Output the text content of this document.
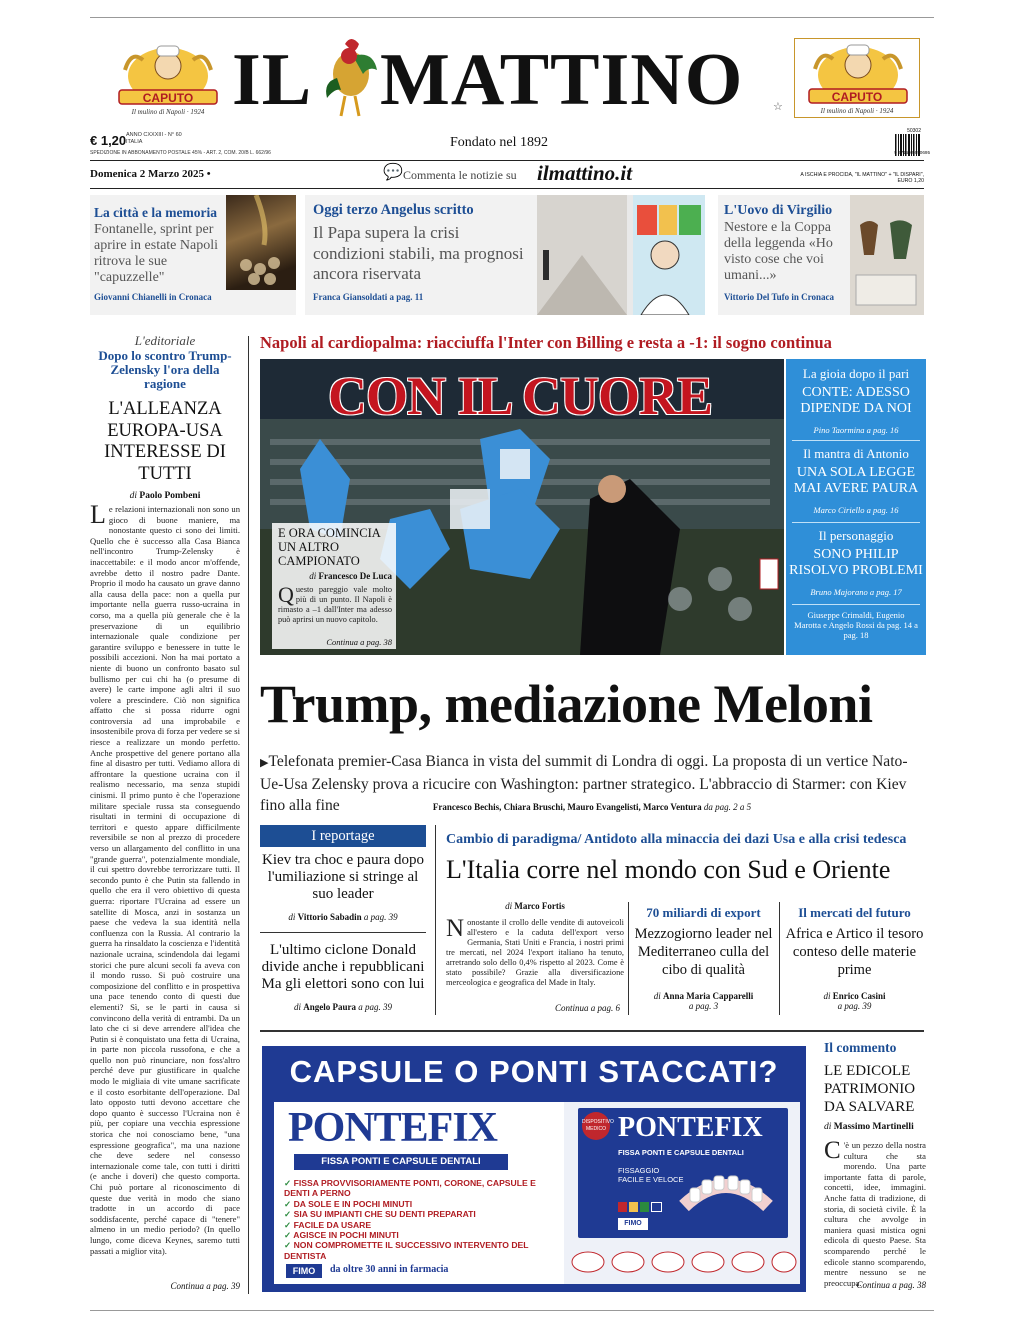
CAPUTO
Il mulino di Napoli · 1924 IL MATTINO	☆
CAPUTO
Il mulino di Napoli · 1924
€ 1,20 ANNO CXXXIII - N° 60
ITALIA
SPEDIZIONE IN ABBONAMENTO POSTALE 45% - ART. 2, COM. 20/B L. 662/96
Fondato nel 1892
50302
9 771592 690695
Domenica 2 Marzo 2025 •	💬 Commenta le notizie su ilmattino.it	A ISCHIA E PROCIDA, "IL MATTINO" + "IL DISPARI", EURO 1,20
La città e la memoria
Fontanelle, sprint per aprire in estate Napoli ritrova le sue "capuzzelle"
Giovanni Chianelli in Cronaca
Oggi terzo Angelus scritto
Il Papa supera la crisi condizioni stabili, ma prognosi ancora riservata
Franca Giansoldati a pag. 11
L'Uovo di Virgilio
Nestore e la Coppa della leggenda «Ho visto cose che voi umani...»
Vittorio Del Tufo in Cronaca
L'editoriale
Dopo lo scontro Trump-Zelensky l'ora della ragione
L'ALLEANZA EUROPA-USA INTERESSE DI TUTTI
di Paolo Pombeni
Le relazioni internazionali non sono un gioco di buone maniere, ma nonostante questo ci sono dei limiti. Quello che è successo alla Casa Bianca nell'incontro Trump-Zelensky è inaccettabile: e il modo ancor m'offende, avrebbe detto il nostro padre Dante. Proprio il modo ha causato un grave danno alla causa della pace: non a quella pur importante nella guerra russo-ucraina in corso, ma a quella più generale che è la preservazione di un equilibrio internazionale quale condizione per garantire sviluppo e benessere in tutte le possibili accezioni. Non ha mai portato a niente di buono un confronto basato sul bullismo per cui chi ha (o presume di avere) le carte impone agli altri il suo volere a prescindere. Ciò non significa affatto che si possa ridurre ogni controversia ad una improbabile e insostenibile prova di forza per vedere se si riesce a realizzare un mondo perfetto. Anche prospettive del genere portano alla fine al disastro per tutti. Vediamo allora di affrontare la questione ucraina con il realismo necessario, ma senza stupidi cinismi. Il primo punto è che l'operazione militare speciale russa sta conseguendo risultati in termini di occupazione di territori e questo appare difficilmente reversibile se non al prezzo di procedere verso un allargamento del conflitto in una "grande guerra", potenzialmente mondiale, il cui spettro dovrebbe terrorizzare tutti. Il secondo punto è che Putin sta fallendo in quello che era il vero obiettivo di questa guerra: riportare l'Ucraina ad essere un satellite di Mosca, anzi in sostanza un paese che vedeva la sua identità nella confluenza con la Russia. Al contrario la guerra ha rinsaldato la coscienza e l'identità nazionale ucraina, scindendola dai legami storici che pure alcuni secoli fa aveva con il mondo russo. Si può costruire una composizione del conflitto e in prospettiva una pace tenendo conto di questi due elementi? Sì, se le parti in causa si convincono della verità di entrambi. Da un lato che ci si deve arrendere all'idea che Putin si è conquistato una fetta di Ucraina, in parte non piccola russofona, e che a quello non può rinunciare, non foss'altro perché deve pur giustificare in qualche modo le migliaia di vite umane sacrificate e il costo esorbitante dell'operazione. Dal lato opposto tutti devono accettare che dopo quanto è successo l'Ucraina non è più, per copiare una vecchia espressione storica che noi conosciamo bene, "una espressione geografica", ma una nazione che deve sedere nel consesso internazionale come tale, con tutti i diritti (e anche i doveri) che questo comporta. Chi può portare al riconoscimento di queste due verità in modo che siano tradotte in un accordo di pace soddisfacente, perché capace di "tenere" almeno in un medio periodo? (In quello lungo, come diceva Keynes, saremo tutti passati a miglior vita).
Continua a pag. 39
Napoli al cardiopalma: riacciuffa l'Inter con Billing e resta a -1: il sogno continua
CON IL CUORE
E ORA COMINCIA UN ALTRO CAMPIONATO
di Francesco De Luca
Questo pareggio vale molto più di un punto. Il Napoli è rimasto a –1 dall'Inter ma adesso può aprirsi un nuovo capitolo.
Continua a pag. 38
La gioia dopo il pari
CONTE: ADESSO DIPENDE DA NOI
Pino Taormina a pag. 16
Il mantra di Antonio
UNA SOLA LEGGE MAI AVERE PAURA
Marco Ciriello a pag. 16
Il personaggio
SONO PHILIP RISOLVO PROBLEMI
Bruno Majorano a pag. 17
Giuseppe Crimaldi, Eugenio Marotta e Angelo Rossi da pag. 14 a pag. 18
Trump, mediazione Meloni
▶Telefonata premier-Casa Bianca in vista del summit di Londra di oggi. La proposta di un vertice Nato-Ue-Usa Zelensky prova a ricucire con Washington: partner strategico. L'abbraccio di Starmer: con Kiev fino alla fine	Francesco Bechis, Chiara Bruschi, Mauro Evangelisti, Marco Ventura da pag. 2 a 5
I reportage
Kiev tra choc e paura dopo l'umiliazione si stringe al suo leader
di Vittorio Sabadin a pag. 39
L'ultimo ciclone Donald divide anche i repubblicani Ma gli elettori sono con lui
di Angelo Paura a pag. 39
Cambio di paradigma/ Antidoto alla minaccia dei dazi Usa e alla crisi tedesca
L'Italia corre nel mondo con Sud e Oriente
di Marco Fortis
Nonostante il crollo delle vendite di autoveicoli all'estero e la caduta dell'export verso Germania, Stati Uniti e Francia, i nostri primi tre mercati, nel 2024 l'export italiano ha tenuto, arretrando solo dello 0,4% rispetto al 2023. Come è stato possibile? Grazie alla diversificazione merceologica e geografica del Made in Italy.
Continua a pag. 6
70 miliardi di export
Mezzogiorno leader nel Mediterraneo culla del cibo di qualità
di Anna Maria Capparelli
a pag. 3
Il mercati del futuro
Africa e Artico il tesoro conteso delle materie prime
di Enrico Casini
a pag. 39
CAPSULE O PONTI STACCATI?
PONTEFIX
FISSA PONTI E CAPSULE DENTALI
✓ FISSA PROVVISORIAMENTE PONTI, CORONE, CAPSULE E DENTI A PERNO
✓ DA SOLE E IN POCHI MINUTI
✓ SIA SU IMPIANTI CHE SU DENTI PREPARATI
✓ FACILE DA USARE
✓ AGISCE IN POCHI MINUTI
✓ NON COMPROMETTE IL SUCCESSIVO INTERVENTO DEL DENTISTA
FIMO	da oltre 30 anni in farmacia
DISPOSITIVO MEDICO PONTEFIX
FISSA PONTI E CAPSULE DENTALI
FISSAGGIO
FACILE E VELOCE
FIMO
Il commento
LE EDICOLE PATRIMONIO DA SALVARE
di Massimo Martinelli
C 'è un pezzo della nostra cultura che sta morendo. Una parte importante fatta di parole, concetti, idee, immagini. Anche fatta di tradizione, di storia, di società civile. È la cultura che avvolge in maniera quasi mistica ogni edicola di questo Paese. Sta scomparendo perché le edicole stanno scomparendo, mentre nessuno se ne preoccupa.
Continua a pag. 38
